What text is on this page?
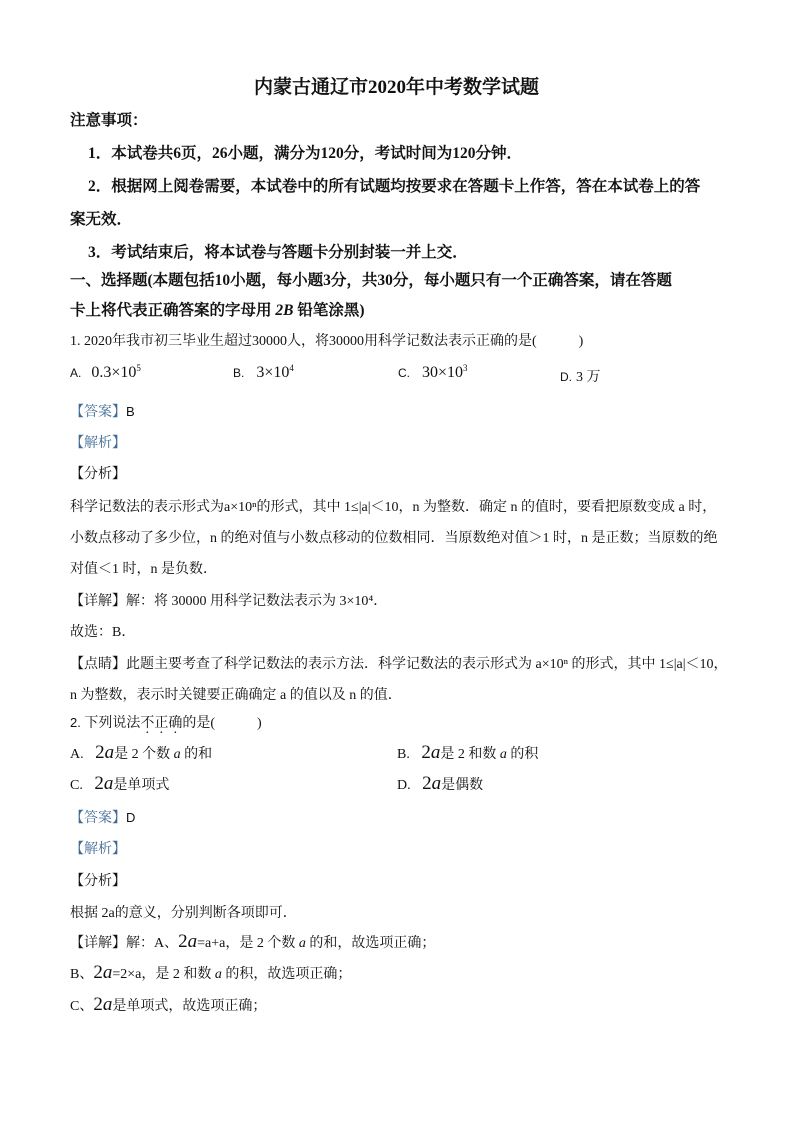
内蒙古通辽市2020年中考数学试题
注意事项：
1．本试卷共6页，26小题，满分为120分，考试时间为120分钟．
2．根据网上阅卷需要，本试卷中的所有试题均按要求在答题卡上作答，答在本试卷上的答
案无效．
3．考试结束后，将本试卷与答题卡分别封装一并上交．
一、选择题(本题包括10小题，每小题3分，共30分，每小题只有一个正确答案，请在答题
卡上将代表正确答案的字母用 2B 铅笔涂黑)
1. 2020年我市初三毕业生超过30000人，将30000用科学记数法表示正确的是(　　　)
A. $0.3\times 10^5$	B. $3\times 10^4$	C. $30\times 10^3$
D. 3 万
【答案】B
【解析】
【分析】
科学记数法的表示形式为a×10ⁿ的形式，其中 1≤|a|＜10，n 为整数．确定 n 的值时，要看把原数变成 a 时，
小数点移动了多少位，n 的绝对值与小数点移动的位数相同．当原数绝对值＞1 时，n 是正数；当原数的绝
对值＜1 时，n 是负数．
【详解】解：将 30000 用科学记数法表示为 3×10⁴．
故选：B．
【点睛】此题主要考查了科学记数法的表示方法．科学记数法的表示形式为 a×10ⁿ 的形式，其中 1≤|a|＜10，
n 为整数，表示时关键要正确确定 a 的值以及 n 的值．
2. 下列说法不正确的是(　　　)
A. 2a是 2 个数 a 的和	B. 2a是 2 和数 a 的积
C. 2a是单项式	D. 2a是偶数
【答案】D
【解析】
【分析】
根据 2a的意义，分别判断各项即可．
【详解】解：A、2a=a+a，是 2 个数 a 的和，故选项正确；
B、2a=2×a，是 2 和数 a 的积，故选项正确；
C、2a是单项式，故选项正确；
